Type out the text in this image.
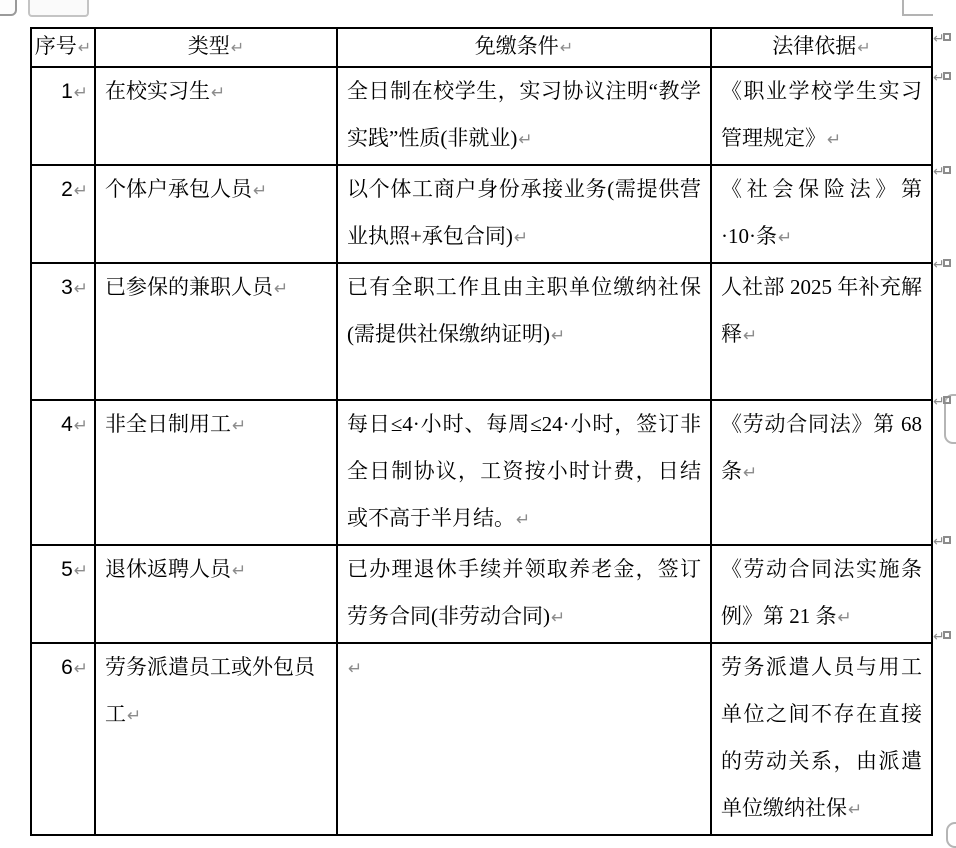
序号↵	类型↵	免缴条件↵	法律依据↵
1↵	在校实习生↵	全日制在校学生，实习协议注明“教学实践”性质(非就业)↵	《职业学校学生实习管理规定》↵
2↵	个体户承包人员↵	以个体工商户身份承接业务(需提供营业执照+承包合同)↵	《社会保险法》第·10·条↵
3↵	已参保的兼职人员↵	已有全职工作且由主职单位缴纳社保(需提供社保缴纳证明)↵	人社部 2025 年补充解释↵
4↵	非全日制用工↵	每日≤4·小时、每周≤24·小时，签订非全日制协议，工资按小时计费，日结或不高于半月结。↵	《劳动合同法》第 68 条↵
5↵	退休返聘人员↵	已办理退休手续并领取养老金，签订劳务合同(非劳动合同)↵	《劳动合同法实施条例》第 21 条↵
6↵	劳务派遣员工或外包员工↵	↵	劳务派遣人员与用工单位之间不存在直接的劳动关系，由派遣单位缴纳社保↵
↵
↵
↵
↵
↵
↵
↵
